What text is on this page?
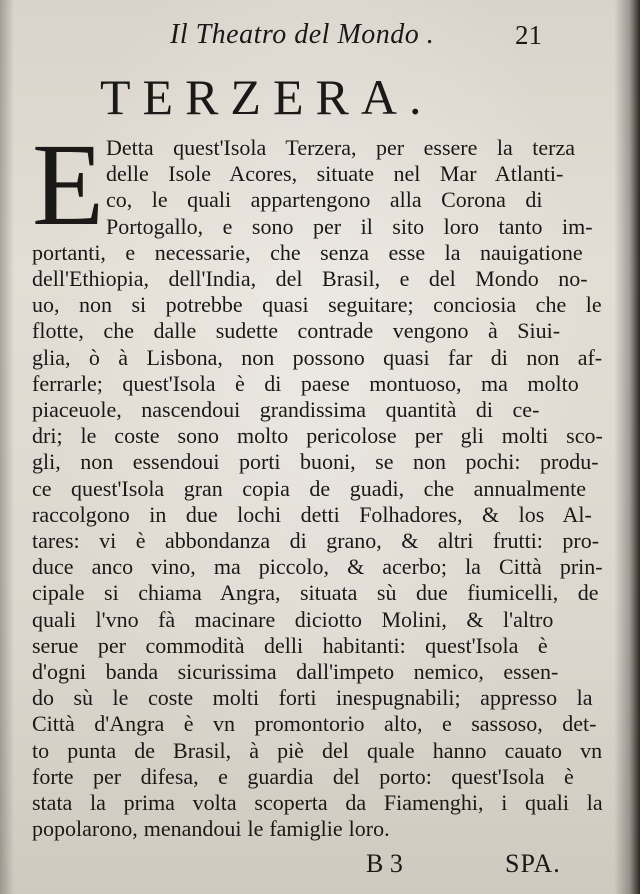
Il Theatro del Mondo .	21
TERZERA.
E Detta quest'Isola Terzera, per essere la terza
delle Isole Acores, situate nel Mar Atlanti-
co, le quali appartengono alla Corona di
Portogallo, e sono per il sito loro tanto im-
portanti, e necessarie, che senza esse la nauigatione
dell'Ethiopia, dell'India, del Brasil, e del Mondo no-
uo, non si potrebbe quasi seguitare; conciosia che le
flotte, che dalle sudette contrade vengono à Siui-
glia, ò à Lisbona, non possono quasi far di non af-
ferrarle; quest'Isola è di paese montuoso, ma molto
piaceuole, nascendoui grandissima quantità di ce-
dri; le coste sono molto pericolose per gli molti sco-
gli, non essendoui porti buoni, se non pochi: produ-
ce quest'Isola gran copia de guadi, che annualmente
raccolgono in due lochi detti Folhadores, & los Al-
tares: vi è abbondanza di grano, & altri frutti: pro-
duce anco vino, ma piccolo, & acerbo; la Città prin-
cipale si chiama Angra, situata sù due fiumicelli, de
quali l'vno fà macinare diciotto Molini, & l'altro
serue per commodità delli habitanti: quest'Isola è
d'ogni banda sicurissima dall'impeto nemico, essen-
do sù le coste molti forti inespugnabili; appresso la
Città d'Angra è vn promontorio alto, e sassoso, det-
to punta de Brasil, à piè del quale hanno cauato vn
forte per difesa, e guardia del porto: quest'Isola è
stata la prima volta scoperta da Fiamenghi, i quali la
popolarono, menandoui le famiglie loro.
B 3	SPA.
